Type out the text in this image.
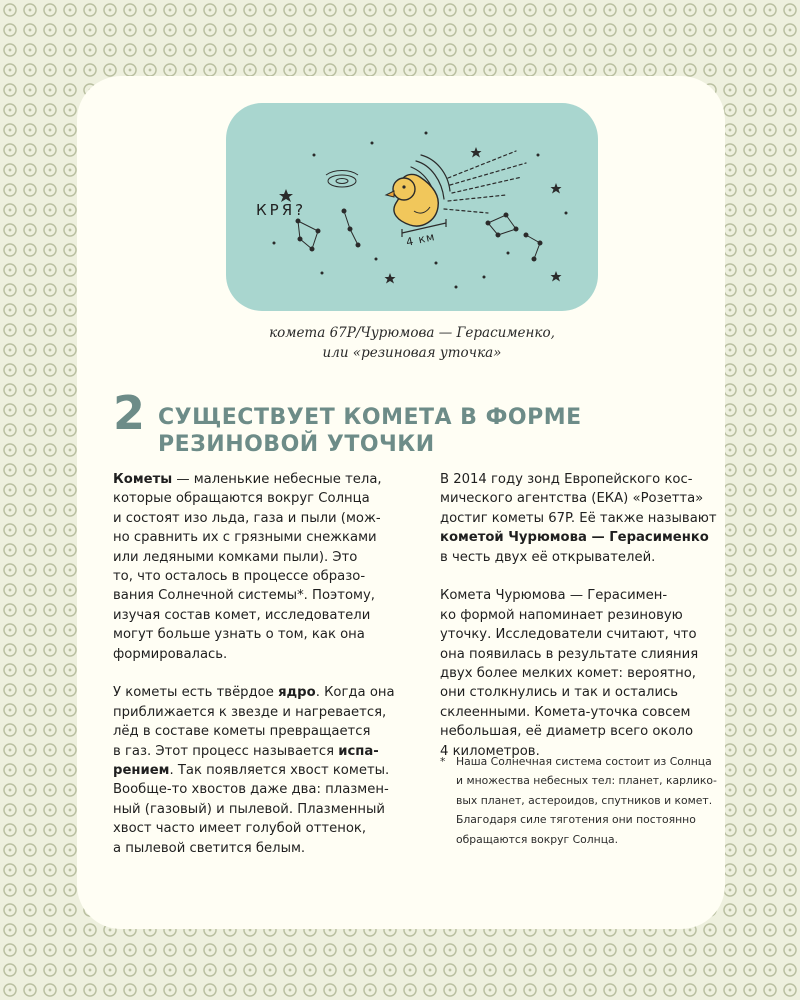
КРЯ?
4 км
комета 67P/Чурюмова — Герасименко,
или «резиновая уточка»
2 СУЩЕСТВУЕТ КОМЕТА В ФОРМЕ
РЕЗИНОВОЙ УТОЧКИ

Кометы — маленькие небесные тела,
которые обращаются вокруг Солнца
и состоят изо льда, газа и пыли (мож-
но сравнить их с грязными снежками
или ледяными комками пыли). Это
то, что осталось в процессе образо-
вания Солнечной системы*. Поэтому,
изучая состав комет, исследователи
могут больше узнать о том, как она
формировалась.

У кометы есть твёрдое ядро. Когда она
приближается к звезде и нагревается,
лёд в составе кометы превращается
в газ. Этот процесс называется испа-
рением. Так появляется хвост кометы.
Вообще-то хвостов даже два: плазмен-
ный (газовый) и пылевой. Плазменный
хвост часто имеет голубой оттенок,
а пылевой светится белым.

В 2014 году зонд Европейского кос-
мического агентства (ЕКА) «Розетта»
достиг кометы 67P. Её также называют
кометой Чурюмова — Герасименко
в честь двух её открывателей.

Комета Чурюмова — Герасимен-
ко формой напоминает резиновую
уточку. Исследователи считают, что
она появилась в результате слияния
двух более мелких комет: вероятно,
они столкнулись и так и остались
склеенными. Комета-уточка совсем
небольшая, её диаметр всего около
4 километров.

* Наша Солнечная система состоит из Солнца
и множества небесных тел: планет, карлико-
вых планет, астероидов, спутников и комет.
Благодаря силе тяготения они постоянно
обращаются вокруг Солнца.
